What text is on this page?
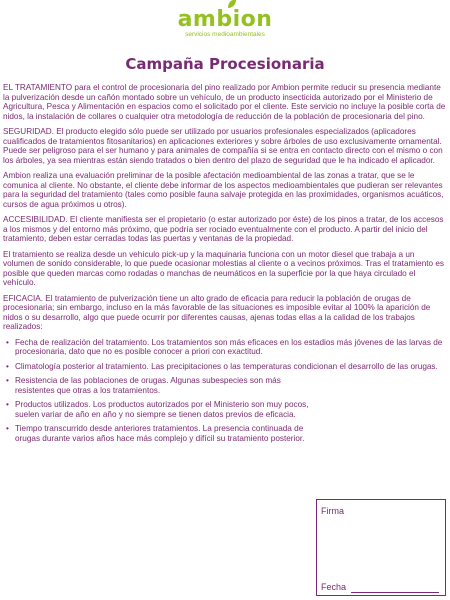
ambion
servicios medioambientales
Campaña Procesionaria

EL TRATAMIENTO para el control de procesionaria del pino realizado por Ambion permite reducir su presencia mediante la pulverización desde un cañón montado sobre un vehículo, de un producto insecticida autorizado por el Ministerio de Agricultura, Pesca y Alimentación en espacios como el solicitado por el cliente. Este servicio no incluye la posible corta de nidos, la instalación de collares o cualquier otra metodología de reducción de la población de procesionaria del pino.

SEGURIDAD. El producto elegido sólo puede ser utilizado por usuarios profesionales especializados (aplicadores cualificados de tratamientos fitosanitarios) en aplicaciones exteriores y sobre árboles de uso exclusivamente ornamental. Puede ser peligroso para el ser humano y para animales de compañía si se entra en contacto directo con el mismo o con los árboles, ya sea mientras están siendo tratados o bien dentro del plazo de seguridad que le ha indicado el aplicador.

Ambion realiza una evaluación preliminar de la posible afectación medioambiental de las zonas a tratar, que se le comunica al cliente. No obstante, el cliente debe informar de los aspectos medioambientales que pudieran ser relevantes para la seguridad del tratamiento (tales como posible fauna salvaje protegida en las proximidades, organismos acuáticos, cursos de agua próximos u otros).

ACCESIBILIDAD. El cliente manifiesta ser el propietario (o estar autorizado por éste) de los pinos a tratar, de los accesos a los mismos y del entorno más próximo, que podría ser rociado eventualmente con el producto. A partir del inicio del tratamiento, deben estar cerradas todas las puertas y ventanas de la propiedad.

El tratamiento se realiza desde un vehículo pick-up y la maquinaria funciona con un motor diesel que trabaja a un volumen de sonido considerable, lo que puede ocasionar molestias al cliente o a vecinos próximos. Tras el tratamiento es posible que queden marcas como rodadas o manchas de neumáticos en la superficie por la que haya circulado el vehículo.

EFICACIA. El tratamiento de pulverización tiene un alto grado de eficacia para reducir la población de orugas de procesionaria; sin embargo, incluso en la más favorable de las situaciones es imposible evitar al 100% la aparición de nidos o su desarrollo, algo que puede ocurrir por diferentes causas, ajenas todas ellas a la calidad de los trabajos realizados:

• Fecha de realización del tratamiento. Los tratamientos son más eficaces en los estadios más jóvenes de las larvas de procesionaria, dato que no es posible conocer a priori con exactitud.
• Climatología posterior al tratamiento. Las precipitaciones o las temperaturas condicionan el desarrollo de las orugas.
• Resistencia de las poblaciones de orugas. Algunas subespecies son más resistentes que otras a los tratamientos.
• Productos utilizados. Los productos autorizados por el Ministerio son muy pocos, suelen variar de año en año y no siempre se tienen datos previos de eficacia.
• Tiempo transcurrido desde anteriores tratamientos. La presencia continuada de orugas durante varios años hace más complejo y difícil su tratamiento posterior.
Firma
Fecha
